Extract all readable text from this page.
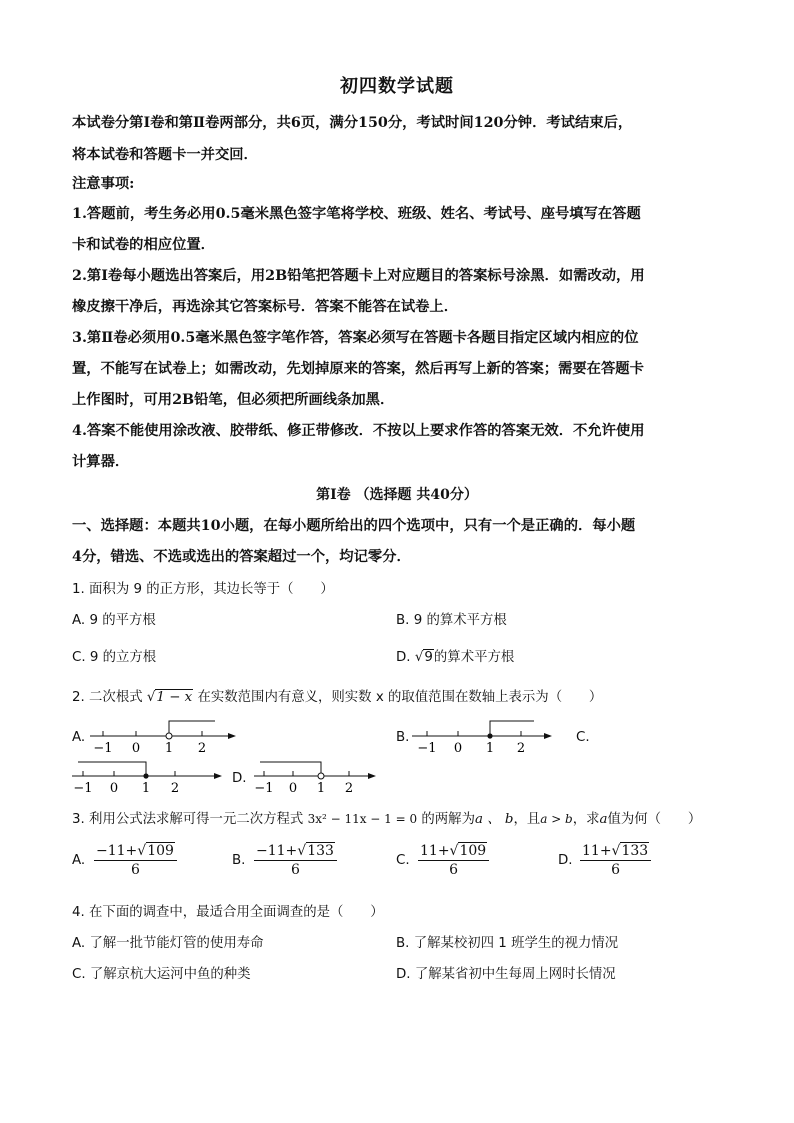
初四数学试题
本试卷分第Ⅰ卷和第Ⅱ卷两部分，共6页，满分150分，考试时间120分钟．考试结束后，
将本试卷和答题卡一并交回．
注意事项:
1.答题前，考生务必用0.5毫米黑色签字笔将学校、班级、姓名、考试号、座号填写在答题
卡和试卷的相应位置．
2.第Ⅰ卷每小题选出答案后，用2B铅笔把答题卡上对应题目的答案标号涂黑．如需改动，用
橡皮擦干净后，再选涂其它答案标号．答案不能答在试卷上．
3.第Ⅱ卷必须用0.5毫米黑色签字笔作答，答案必须写在答题卡各题目指定区域内相应的位
置，不能写在试卷上；如需改动，先划掉原来的答案，然后再写上新的答案；需要在答题卡
上作图时，可用2B铅笔，但必须把所画线条加黑．
4.答案不能使用涂改液、胶带纸、修正带修改．不按以上要求作答的答案无效．不允许使用
计算器．
第Ⅰ卷 （选择题 共40分）
一、选择题：本题共10小题，在每小题所给出的四个选项中，只有一个是正确的．每小题
4分，错选、不选或选出的答案超过一个，均记零分．
1. 面积为 9 的正方形，其边长等于（　　）
A. 9 的平方根	B. 9 的算术平方根
C. 9 的立方根	D. √9的算术平方根
2. 二次根式 √1 − x 在实数范围内有意义，则实数 x 的取值范围在数轴上表示为（　　）
A.
−1 0 1 2
B.
−1 0 1 2
C.
−1 0 1 2
D.
−1 0 1 2
3. 利用公式法求解可得一元二次方程式 3x² − 11x − 1 = 0 的两解为a 、 b，且a > b，求a值为何（　　）
A. $\frac{-11+√109}{6}$	B. $\frac{-11+√133}{6}$	C. $\frac{11+√109}{6}$	D. $\frac{11+√133}{6}$
4. 在下面的调查中，最适合用全面调查的是（　　）
A. 了解一批节能灯管的使用寿命	B. 了解某校初四 1 班学生的视力情况
C. 了解京杭大运河中鱼的种类	D. 了解某省初中生每周上网时长情况
